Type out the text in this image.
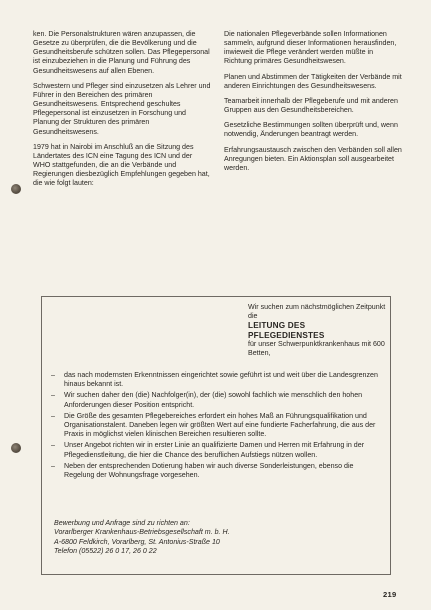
ken. Die Personalstrukturen wären anzupassen, die Gesetze zu überprüfen, die die Bevölkerung und die Gesundheitsberufe schützen sollen. Das Pflegepersonal ist einzubeziehen in die Planung und Führung des Gesundheitswesens auf allen Ebenen.

Schwestern und Pfleger sind einzusetzen als Lehrer und Führer in den Bereichen des primären Gesundheitswesens. Entsprechend geschultes Pflegepersonal ist einzusetzen in Forschung und Planung der Strukturen des primären Gesundheitswesens.

1979 hat in Nairobi im Anschluß an die Sitzung des Ländertates des ICN eine Tagung des ICN und der WHO stattgefunden, die an die Verbände und Regierungen diesbezüglich Empfehlungen gegeben hat, die wie folgt lauten:

Die nationalen Pflegeverbände sollen Informationen sammeln, aufgrund dieser Informationen herausfinden, inwieweit die Pflege verändert werden müßte in Richtung primäres Gesundheitswesen.

Planen und Abstimmen der Tätigkeiten der Verbände mit anderen Einrichtungen des Gesundheitswesens.

Teamarbeit innerhalb der Pflegeberufe und mit anderen Gruppen aus den Gesundheitsbereichen.

Gesetzliche Bestimmungen sollten überprüft und, wenn notwendig, Änderungen beantragt werden.

Erfahrungsaustausch zwischen den Verbänden soll allen Anregungen bieten. Ein Aktionsplan soll ausgearbeitet werden.

Wir suchen zum nächstmöglichen Zeitpunkt die
LEITUNG DES
PFLEGEDIENSTES
für unser Schwerpunktkrankenhaus mit 600 Betten,
– das nach modernsten Erkenntnissen eingerichtet sowie geführt ist und weit über die Landesgrenzen hinaus bekannt ist.
– Wir suchen daher den (die) Nachfolger(in), der (die) sowohl fachlich wie menschlich den hohen Anforderungen dieser Position entspricht.
– Die Größe des gesamten Pflegebereiches erfordert ein hohes Maß an Führungsqualifikation und Organisationstalent. Daneben legen wir größten Wert auf eine fundierte Facherfahrung, die aus der Praxis in möglichst vielen klinischen Bereichen resultieren sollte.
– Unser Angebot richten wir in erster Linie an qualifizierte Damen und Herren mit Erfahrung in der Pflegedienstleitung, die hier die Chance des beruflichen Aufstiegs nützen wollen.
– Neben der entsprechenden Dotierung haben wir auch diverse Sonderleistungen, ebenso die Regelung der Wohnungsfrage vorgesehen.
Bewerbung und Anfrage sind zu richten an:
Vorarlberger Krankenhaus-Betriebsgesellschaft m. b. H.
A-6800 Feldkirch, Vorarlberg, St. Antonius-Straße 10
Telefon (05522) 26 0 17, 26 0 22
219
